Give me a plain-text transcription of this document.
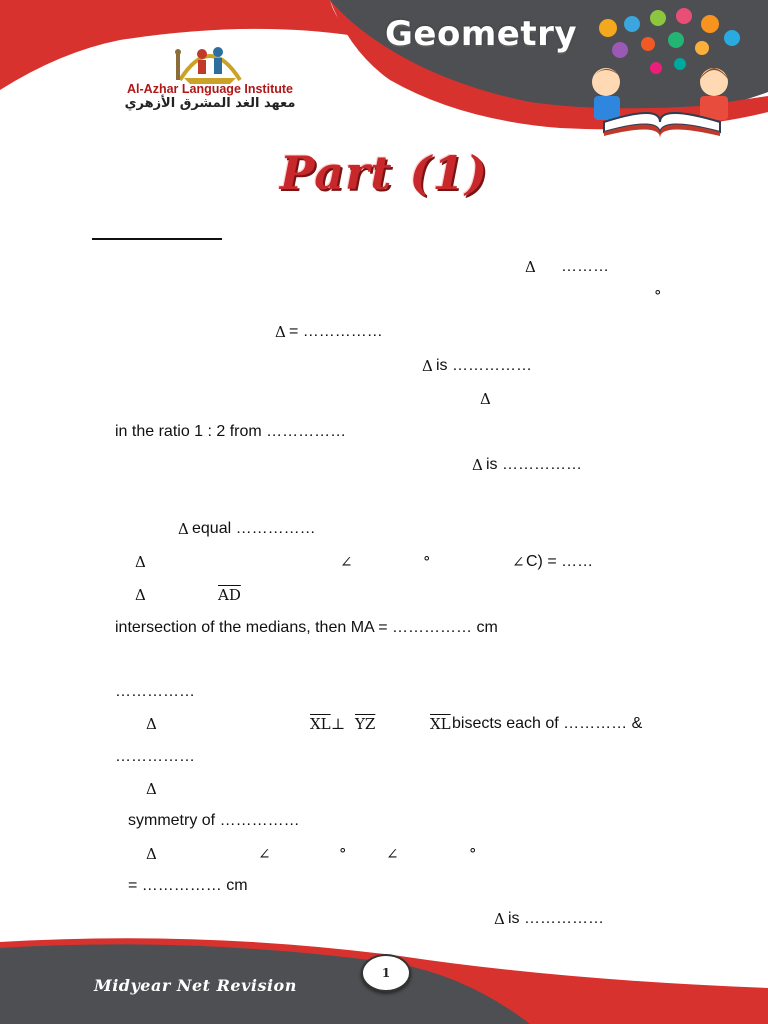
Al-Azhar Language Institute
معهد الغد المشرق الأزهري
Geometry
Part (1)
Δ ………
°
Δ = ……………
Δ is ……………
Δ
in the ratio 1 : 2 from ……………
Δ is ……………
Δ equal ……………
Δ	∠	°	∠ C) = ……
Δ	$\overline{AD}$
intersection of the medians, then MA = …………… cm
……………
Δ	$\overline{XL}$ ⊥ $\overline{YZ}$	$\overline{XL}$ bisects each of ………… &
……………
Δ
symmetry of ……………
Δ	∠	°	∠	°
= …………… cm
Δ is ……………
Midyear Net Revision
1
